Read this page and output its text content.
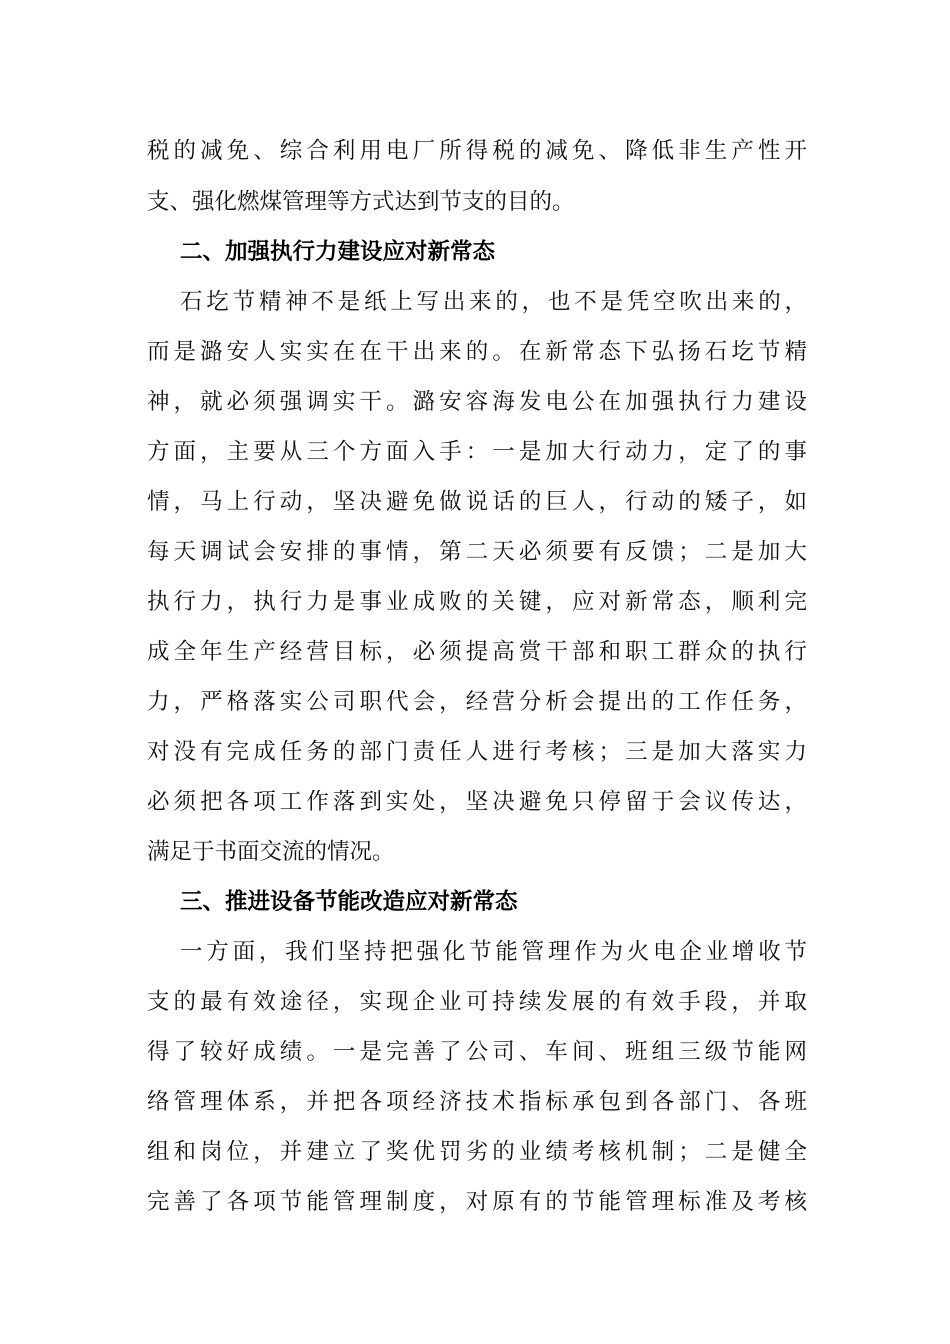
税的减免、综合利用电厂所得税的减免、降低非生产性开
支、强化燃煤管理等方式达到节支的目的。
二、加强执行力建设应对新常态
石圪节精神不是纸上写出来的，也不是凭空吹出来的，
而是潞安人实实在在干出来的。在新常态下弘扬石圪节精
神，就必须强调实干。潞安容海发电公在加强执行力建设
方面，主要从三个方面入手：一是加大行动力，定了的事
情，马上行动，坚决避免做说话的巨人，行动的矮子，如
每天调试会安排的事情，第二天必须要有反馈；二是加大
执行力，执行力是事业成败的关键，应对新常态，顺利完
成全年生产经营目标，必须提高赏干部和职工群众的执行
力，严格落实公司职代会，经营分析会提出的工作任务，
对没有完成任务的部门责任人进行考核；三是加大落实力
必须把各项工作落到实处，坚决避免只停留于会议传达，
满足于书面交流的情况。
三、推进设备节能改造应对新常态
一方面，我们坚持把强化节能管理作为火电企业增收节
支的最有效途径，实现企业可持续发展的有效手段，并取
得了较好成绩。一是完善了公司、车间、班组三级节能网
络管理体系，并把各项经济技术指标承包到各部门、各班
组和岗位，并建立了奖优罚劣的业绩考核机制；二是健全
完善了各项节能管理制度，对原有的节能管理标准及考核
